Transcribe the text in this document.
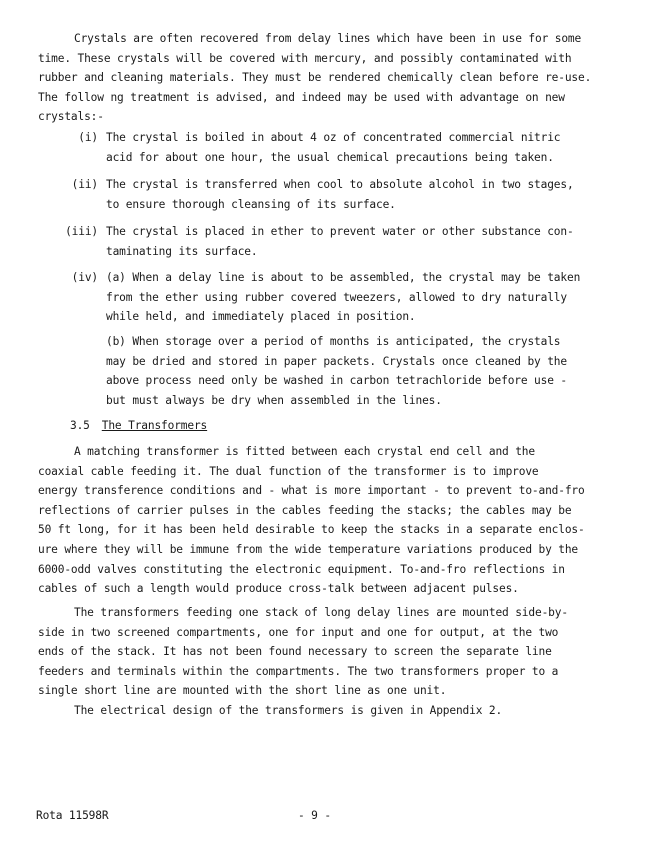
Crystals are often recovered from delay lines which have been in use for some
time. These crystals will be covered with mercury, and possibly contaminated with
rubber and cleaning materials. They must be rendered chemically clean before re-use.
The follow ng treatment is advised, and indeed may be used with advantage on new
crystals:-

(i) The crystal is boiled in about 4 oz of concentrated commercial nitric
acid for about one hour, the usual chemical precautions being taken.
(ii) The crystal is transferred when cool to absolute alcohol in two stages,
to ensure thorough cleansing of its surface.
(iii) The crystal is placed in ether to prevent water or other substance con-
taminating its surface.
(iv) (a) When a delay line is about to be assembled, the crystal may be taken
from the ether using rubber covered tweezers, allowed to dry naturally
while held, and immediately placed in position.
(b) When storage over a period of months is anticipated, the crystals
may be dried and stored in paper packets. Crystals once cleaned by the
above process need only be washed in carbon tetrachloride before use -
but must always be dry when assembled in the lines.
3.5 The Transformers

A matching transformer is fitted between each crystal end cell and the
coaxial cable feeding it. The dual function of the transformer is to improve
energy transference conditions and - what is more important - to prevent to-and-fro
reflections of carrier pulses in the cables feeding the stacks; the cables may be
50 ft long, for it has been held desirable to keep the stacks in a separate enclos-
ure where they will be immune from the wide temperature variations produced by the
6000-odd valves constituting the electronic equipment. To-and-fro reflections in
cables of such a length would produce cross-talk between adjacent pulses.

The transformers feeding one stack of long delay lines are mounted side-by-
side in two screened compartments, one for input and one for output, at the two
ends of the stack. It has not been found necessary to screen the separate line
feeders and terminals within the compartments. The two transformers proper to a
single short line are mounted with the short line as one unit.

The electrical design of the transformers is given in Appendix 2.

Rota 11598R	- 9 -
